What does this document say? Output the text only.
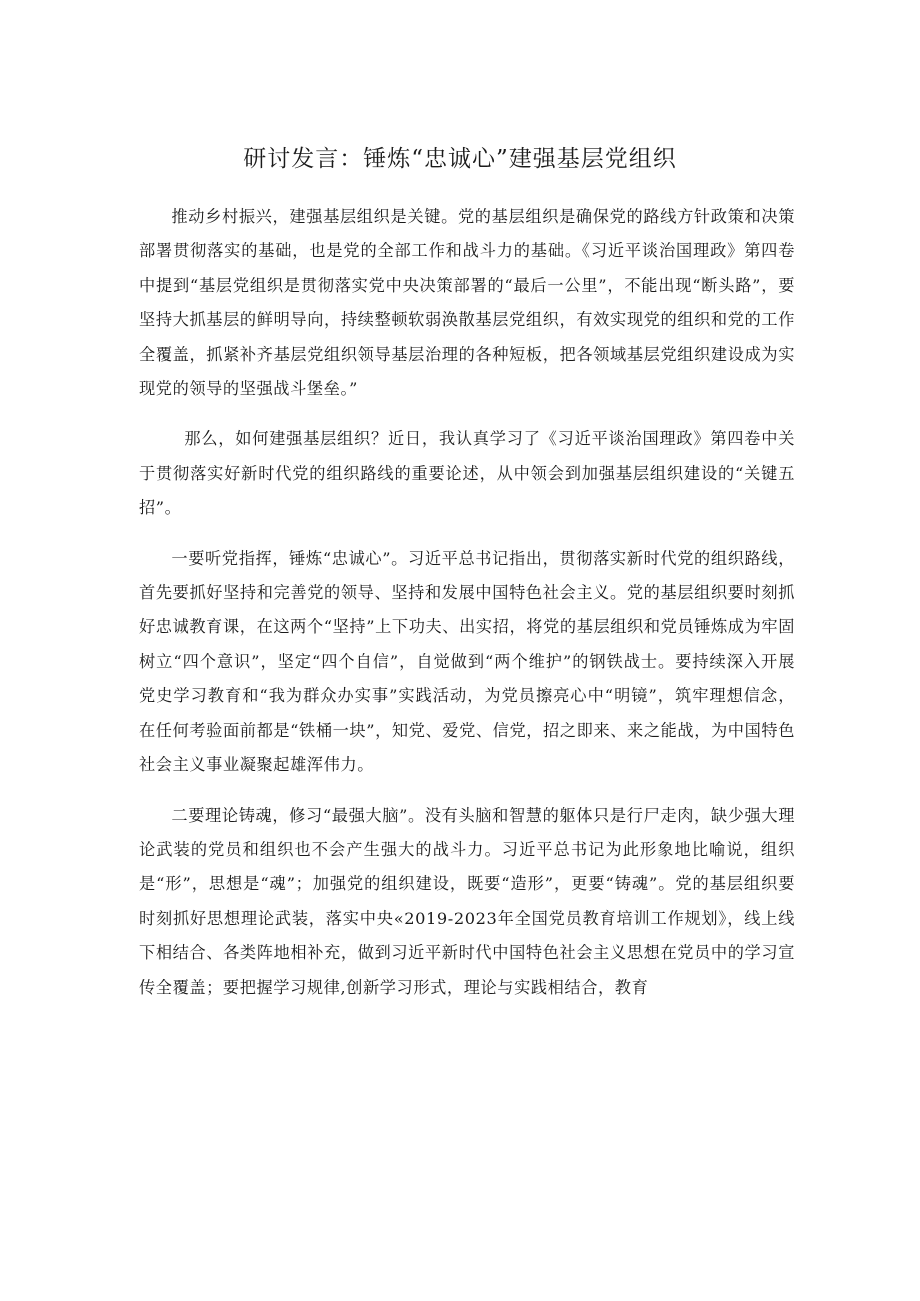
研讨发言：锤炼“忠诚心”建强基层党组织

推动乡村振兴，建强基层组织是关键。党的基层组织是确保党的路线方针政策和决策部署贯彻落实的基础，也是党的全部工作和战斗力的基础。《习近平谈治国理政》第四卷中提到“基层党组织是贯彻落实党中央决策部署的“最后一公里”，不能出现“断头路”，要坚持大抓基层的鲜明导向，持续整顿软弱涣散基层党组织，有效实现党的组织和党的工作全覆盖，抓紧补齐基层党组织领导基层治理的各种短板，把各领域基层党组织建设成为实现党的领导的坚强战斗堡垒。”

那么，如何建强基层组织？近日，我认真学习了《习近平谈治国理政》第四卷中关于贯彻落实好新时代党的组织路线的重要论述，从中领会到加强基层组织建设的“关键五招”。

一要听党指挥，锤炼“忠诚心”。习近平总书记指出，贯彻落实新时代党的组织路线，首先要抓好坚持和完善党的领导、坚持和发展中国特色社会主义。党的基层组织要时刻抓好忠诚教育课，在这两个“坚持”上下功夫、出实招，将党的基层组织和党员锤炼成为牢固树立“四个意识”，坚定“四个自信”，自觉做到“两个维护”的钢铁战士。要持续深入开展党史学习教育和“我为群众办实事”实践活动，为党员擦亮心中“明镜”，筑牢理想信念，在任何考验面前都是“铁桶一块”，知党、爱党、信党，招之即来、来之能战，为中国特色社会主义事业凝聚起雄浑伟力。

二要理论铸魂，修习“最强大脑”。没有头脑和智慧的躯体只是行尸走肉，缺少强大理论武装的党员和组织也不会产生强大的战斗力。习近平总书记为此形象地比喻说，组织是“形”，思想是“魂”；加强党的组织建设，既要“造形”，更要“铸魂”。党的基层组织要时刻抓好思想理论武装，落实中央«2019-2023年全国党员教育培训工作规划》，线上线下相结合、各类阵地相补充，做到习近平新时代中国特色社会主义思想在党员中的学习宣传全覆盖；要把握学习规律,创新学习形式，理论与实践相结合，教育
